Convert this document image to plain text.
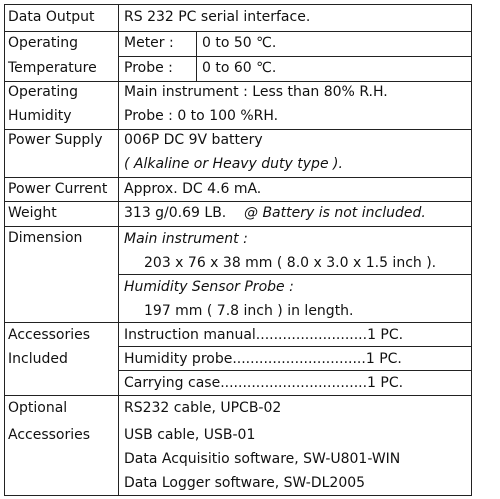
Data Output RS 232 PC serial interface.
Operating
Temperature
Meter : 0 to 50 ℃.
Probe : 0 to 60 ℃.
Operating
Humidity
Main instrument : Less than 80% R.H.
Probe : 0 to 100 %RH.
Power Supply 006P DC 9V battery
( Alkaline or Heavy duty type ).
Power Current Approx. DC 4.6 mA.
Weight	313 g/0.69 LB. @ Battery is not included.
Dimension	Main instrument :
203 x 76 x 38 mm ( 8.0 x 3.0 x 1.5 inch ).
Humidity Sensor Probe :
197 mm ( 7.8 inch ) in length.
Accessories
Included
Instruction manual.........................1 PC.
Humidity probe..............................1 PC.
Carrying case.................................1 PC.
Optional
Accessories
RS232 cable, UPCB-02
USB cable, USB-01
Data Acquisitio software, SW-U801-WIN
Data Logger software, SW-DL2005
